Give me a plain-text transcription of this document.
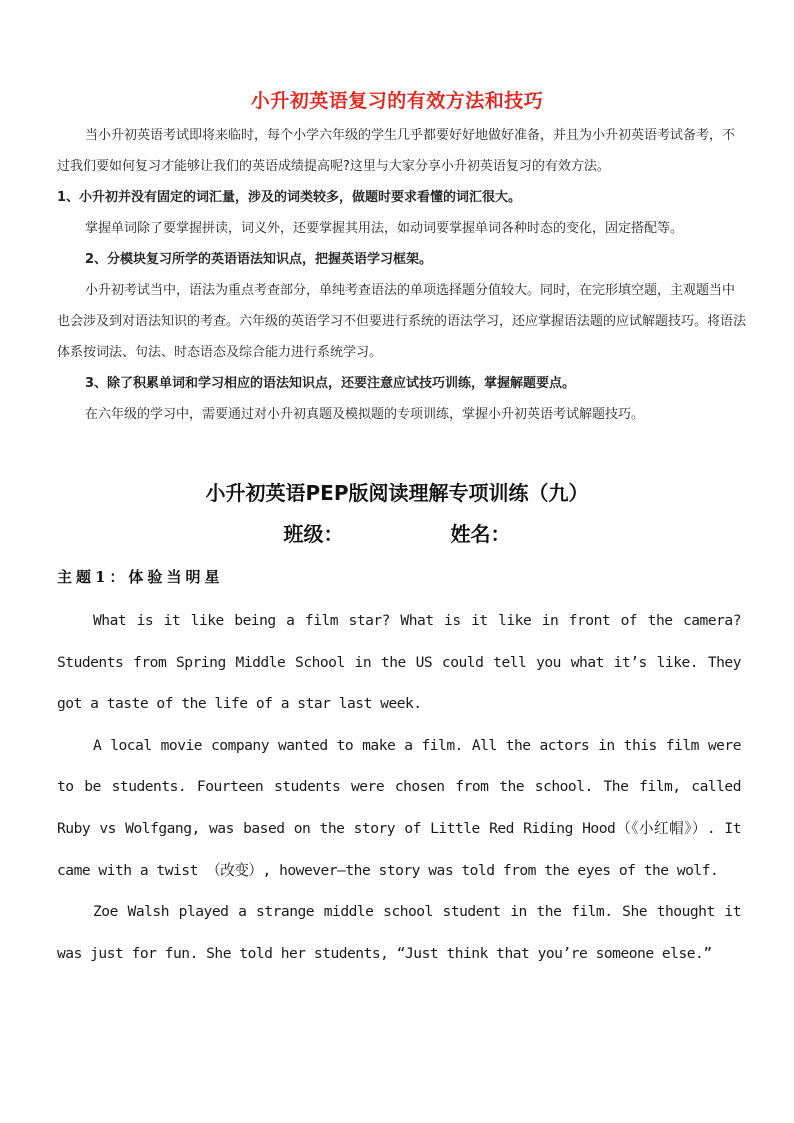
小升初英语复习的有效方法和技巧

当小升初英语考试即将来临时，每个小学六年级的学生几乎都要好好地做好准备，并且为小升初英语考试备考，不过我们要如何复习才能够让我们的英语成绩提高呢?这里与大家分享小升初英语复习的有效方法。

1、小升初并没有固定的词汇量，涉及的词类较多，做题时要求看懂的词汇很大。

掌握单词除了要掌握拼读，词义外，还要掌握其用法，如动词要掌握单词各种时态的变化，固定搭配等。

2、分模块复习所学的英语语法知识点，把握英语学习框架。

小升初考试当中，语法为重点考查部分，单纯考查语法的单项选择题分值较大。同时，在完形填空题，主观题当中也会涉及到对语法知识的考查。六年级的英语学习不但要进行系统的语法学习，还应掌握语法题的应试解题技巧。将语法体系按词法、句法、时态语态及综合能力进行系统学习。

3、除了积累单词和学习相应的语法知识点，还要注意应试技巧训练，掌握解题要点。

在六年级的学习中，需要通过对小升初真题及模拟题的专项训练，掌握小升初英语考试解题技巧。

小升初英语PEP版阅读理解专项训练（九）
班级：	姓名：
主题1：体验当明星

What is it like being a film star? What is it like in front of the camera? Students from Spring Middle School in the US could tell you what it’s like. They got a taste of the life of a star last week.

A local movie company wanted to make a film. All the actors in this film were to be students. Fourteen students were chosen from the school. The film, called Ruby vs Wolfgang, was based on the story of Little Red Riding Hood（《小红帽》）. It came with a twist （改变）, however—the story was told from the eyes of the wolf.

Zoe Walsh played a strange middle school student in the film. She thought it was just for fun. She told her students, “Just think that you’re someone else.”
